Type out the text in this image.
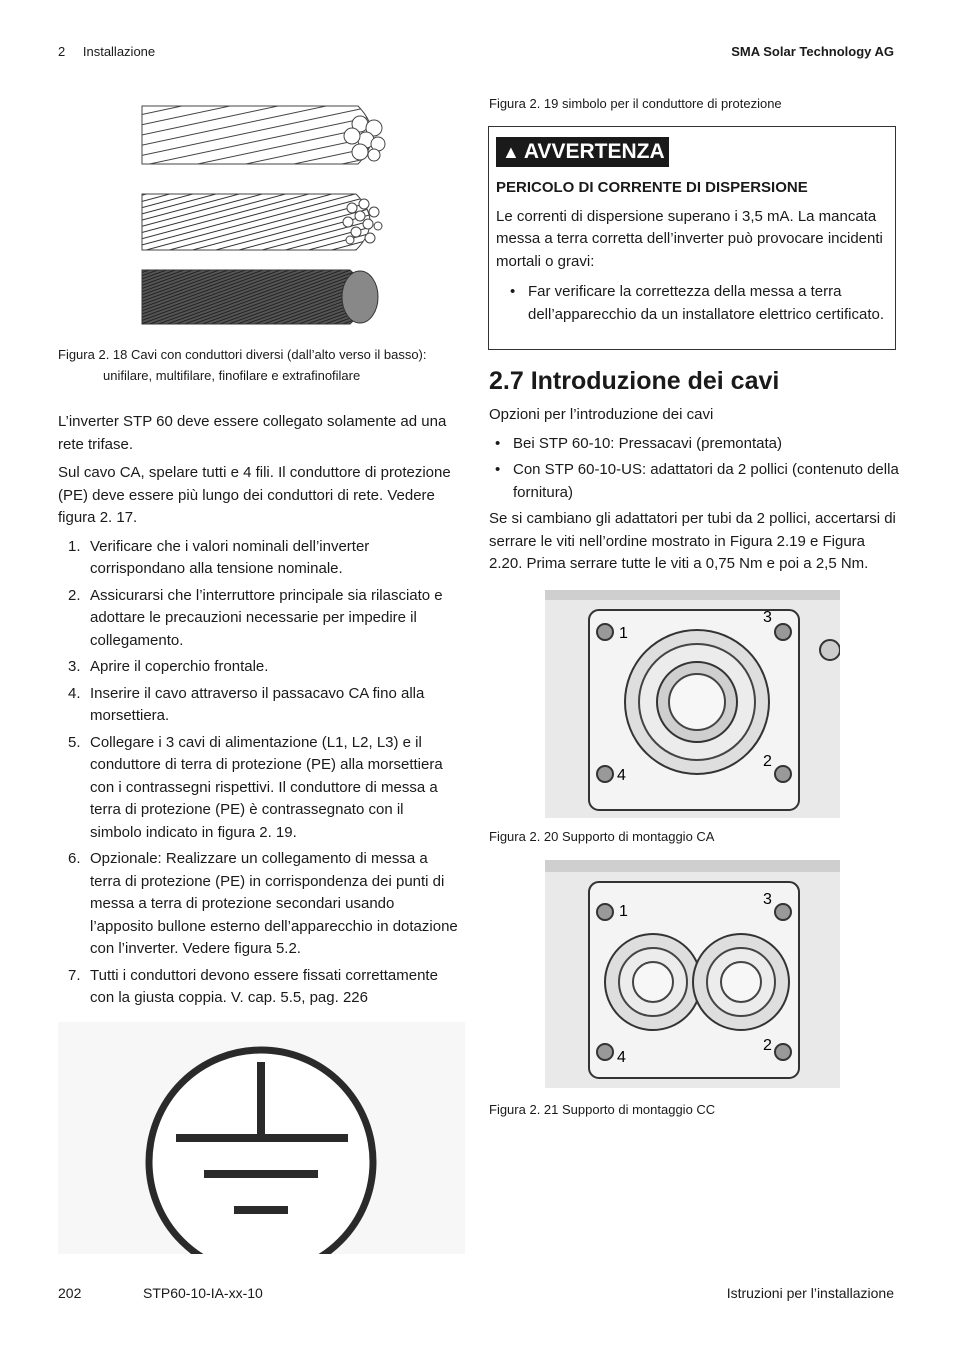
2 Installazione	SMA Solar Technology AG
Figura 2. 18 Cavi con conduttori diversi (dall’alto verso il basso):
unifilare, multifilare, finofilare e extrafinofilare

L’inverter STP 60 deve essere collegato solamente ad una rete trifase.

Sul cavo CA, spelare tutti e 4 fili. Il conduttore di protezione (PE) deve essere più lungo dei conduttori di rete. Vedere figura 2. 17.

1. Verificare che i valori nominali dell’inverter corrispondano alla tensione nominale.
2. Assicurarsi che l’interruttore principale sia rilasciato e adottare le precauzioni necessarie per impedire il collegamento.
3. Aprire il coperchio frontale.
4. Inserire il cavo attraverso il passacavo CA fino alla morsettiera.
5. Collegare i 3 cavi di alimentazione (L1, L2, L3) e il conduttore di terra di protezione (PE) alla morsettiera con i contrassegni rispettivi. Il conduttore di messa a terra di protezione (PE) è contrassegnato con il simbolo indicato in figura 2. 19.
6. Opzionale: Realizzare un collegamento di messa a terra di protezione (PE) in corrispondenza dei punti di messa a terra di protezione secondari usando l’apposito bullone esterno dell’apparecchio in dotazione con l’inverter. Vedere figura 5.2.
7. Tutti i conduttori devono essere fissati correttamente con la giusta coppia. V. cap. 5.5, pag. 226
Figura 2. 19 simbolo per il conduttore di protezione
▲ AVVERTENZA

PERICOLO DI CORRENTE DI DISPERSIONE

Le correnti di dispersione superano i 3,5 mA. La mancata messa a terra corretta dell’inverter può provocare incidenti mortali o gravi:

• Far verificare la correttezza della messa a terra dell’apparecchio da un installatore elettrico certificato.
2.7 Introduzione dei cavi

Opzioni per l’introduzione dei cavi

• Bei STP 60-10: Pressacavi (premontata)
• Con STP 60-10-US: adattatori da 2 pollici (contenuto della fornitura)

Se si cambiano gli adattatori per tubi da 2 pollici, accertarsi di serrare le viti nell’ordine mostrato in Figura 2.19 e Figura 2.20. Prima serrare tutte le viti a 0,75 Nm e poi a 2,5 Nm.

1
3
4
2
Figura 2. 20 Supporto di montaggio CA
1
3
4
2
Figura 2. 21 Supporto di montaggio CC
202	STP60-10-IA-xx-10	Istruzioni per l’installazione
